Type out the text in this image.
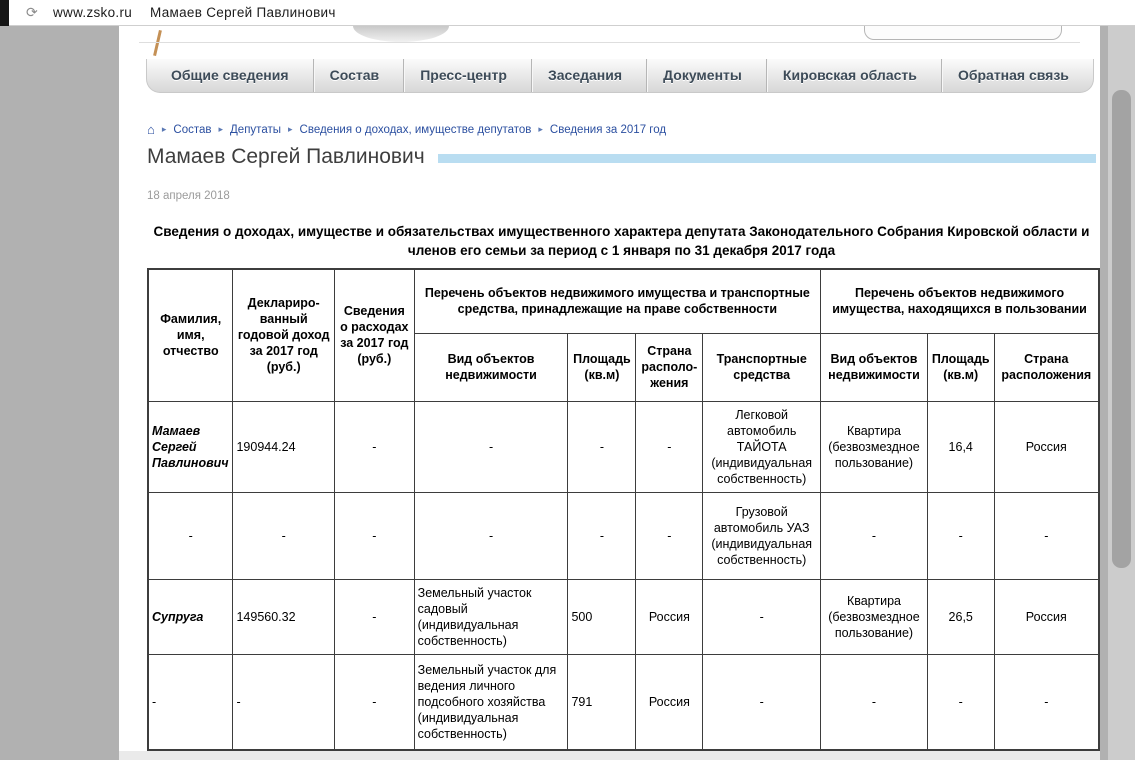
⟳ www.zsko.ru Мамаев Сергей Павлинович
Общие сведения	Состав	Пресс-центр	Заседания	Документы	Кировская область	Обратная связь
⌂ ▸ Состав ▸ Депутаты ▸ Сведения о доходах, имуществе депутатов ▸ Сведения за 2017 год
Мамаев Сергей Павлинович
18 апреля 2018
Сведения о доходах, имуществе и обязательствах имущественного характера депутата Законодательного Собрания Кировской области и членов его семьи за период с 1 января по 31 декабря 2017 года
Фамилия, имя, отчество	Деклариро-ванный годовой доход за 2017 год (руб.)	Сведения о расходах за 2017 год (руб.)	Перечень объектов недвижимого имущества и транспортные средства, принадлежащие на праве собственности				Перечень объектов недвижимого имущества, находящихся в пользовании		
			Вид объектов недвижимости	Площадь (кв.м)	Страна располо-жения	Транспортные средства	Вид объектов недвижимости	Площадь (кв.м)	Страна расположения
Мамаев Сергей Павлинович	190944.24	-	-	-	-	Легковой автомобиль ТАЙОТА (индивидуальная собственность)	Квартира (безвозмездное пользование)	16,4	Россия
-	-	-	-	-	-	Грузовой автомобиль УАЗ (индивидуальная собственность)	-	-	-
Супруга	149560.32	-	Земельный участок садовый (индивидуальная собственность)	500	Россия	-	Квартира (безвозмездное пользование)	26,5	Россия
-	-	-	Земельный участок для ведения личного подсобного хозяйства (индивидуальная собственность)	791	Россия	-	-	-	-
